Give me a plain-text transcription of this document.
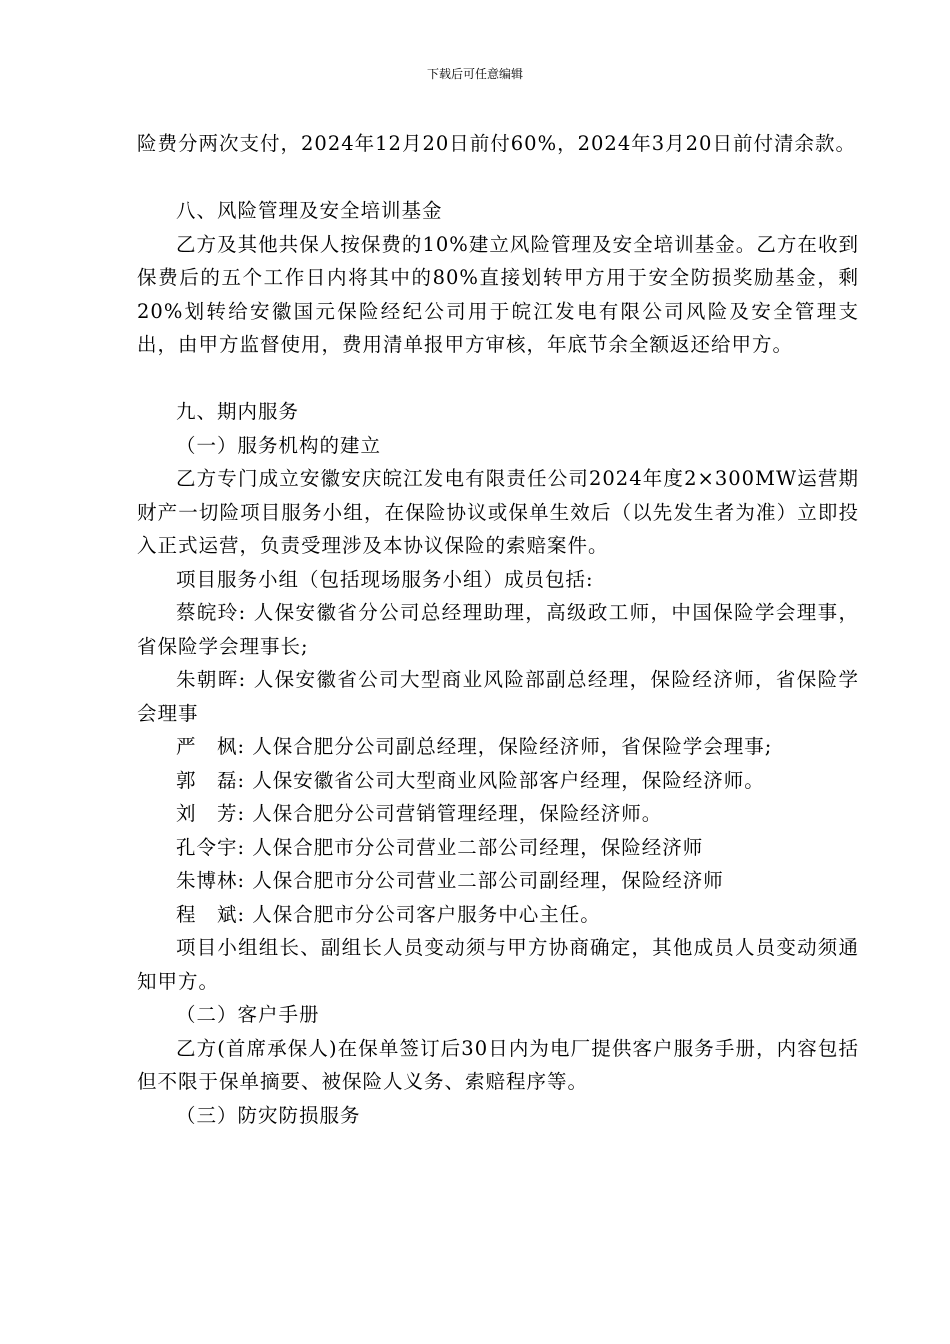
下载后可任意编辑

险费分两次支付，2024年12月20日前付60%，2024年3月20日前付清余款。

八、风险管理及安全培训基金

乙方及其他共保人按保费的10%建立风险管理及安全培训基金。乙方在收到保费后的五个工作日内将其中的80%直接划转甲方用于安全防损奖励基金，剩20%划转给安徽国元保险经纪公司用于皖江发电有限公司风险及安全管理支出，由甲方监督使用，费用清单报甲方审核，年底节余全额返还给甲方。

九、期内服务

（一）服务机构的建立

乙方专门成立安徽安庆皖江发电有限责任公司2024年度2×300MW运营期财产一切险项目服务小组，在保险协议或保单生效后（以先发生者为准）立即投入正式运营，负责受理涉及本协议保险的索赔案件。

项目服务小组（包括现场服务小组）成员包括:

蔡皖玲: 人保安徽省分公司总经理助理，高级政工师，中国保险学会理事，省保险学会理事长;

朱朝晖: 人保安徽省公司大型商业风险部副总经理，保险经济师，省保险学会理事

严　枫: 人保合肥分公司副总经理，保险经济师，省保险学会理事;

郭　磊: 人保安徽省公司大型商业风险部客户经理，保险经济师。

刘　芳: 人保合肥分公司营销管理经理，保险经济师。

孔令宇: 人保合肥市分公司营业二部公司经理，保险经济师

朱博林: 人保合肥市分公司营业二部公司副经理，保险经济师

程　斌: 人保合肥市分公司客户服务中心主任。

项目小组组长、副组长人员变动须与甲方协商确定，其他成员人员变动须通知甲方。

（二）客户手册

乙方(首席承保人)在保单签订后30日内为电厂提供客户服务手册，内容包括但不限于保单摘要、被保险人义务、索赔程序等。

（三）防灾防损服务
